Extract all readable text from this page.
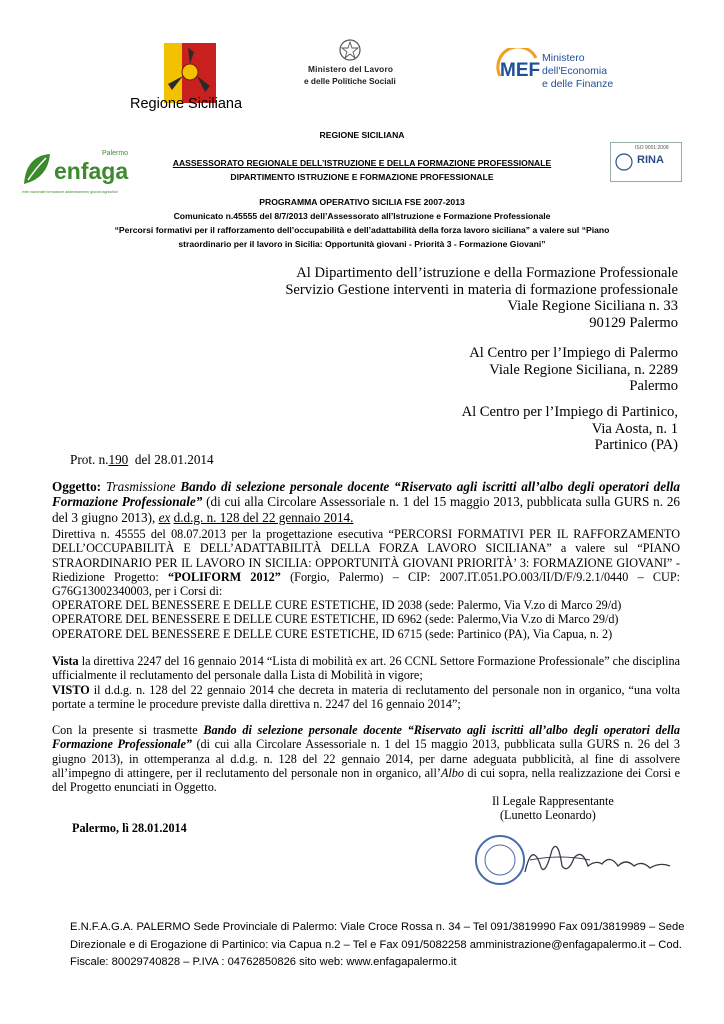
Regione Siciliana
Ministero del Lavoro
e delle Politiche Sociali	MEF
Ministero
dell'Economia
e delle Finanze
enfaga
Palermo
ente nazionale formazione addestramento giovani agricoltori
ISO 9001:2008
RINA
REGIONE SICILIANA
AASSESSORATO REGIONALE DELL’ISTRUZIONE E DELLA FORMAZIONE PROFESSIONALE
DIPARTIMENTO ISTRUZIONE E FORMAZIONE PROFESSIONALE
PROGRAMMA OPERATIVO SICILIA FSE 2007-2013
Comunicato n.45555 del 8/7/2013 dell’Assessorato all’Istruzione e Formazione Professionale
“Percorsi formativi per il rafforzamento dell’occupabilità e dell’adattabilità della forza lavoro siciliana” a valere sul “Piano
straordinario per il lavoro in Sicilia: Opportunità giovani - Priorità 3 - Formazione Giovani”
Al Dipartimento dell’istruzione e della Formazione Professionale
Servizio Gestione interventi in materia di formazione professionale
Viale Regione Siciliana n. 33
90129 Palermo
Al Centro per l’Impiego di Palermo
Viale Regione Siciliana, n. 2289
Palermo
Al Centro per l’Impiego di Partinico,
Via Aosta, n. 1
Partinico (PA)
Prot. n.190 del 28.01.2014
Oggetto: Trasmissione Bando di selezione personale docente “Riservato agli iscritti all’albo degli operatori della Formazione Professionale” (di cui alla Circolare Assessoriale n. 1 del 15 maggio 2013, pubblicata sulla GURS n. 26 del 3 giugno 2013), ex d.d.g. n. 128 del 22 gennaio 2014.
Direttiva n. 45555 del 08.07.2013 per la progettazione esecutiva “PERCORSI FORMATIVI PER IL RAFFORZAMENTO DELL’OCCUPABILITÀ E DELL’ADATTABILITÀ DELLA FORZA LAVORO SICILIANA” a valere sul “PIANO STRAORDINARIO PER IL LAVORO IN SICILIA: OPPORTUNITÀ GIOVANI PRIORITÀ’ 3: FORMAZIONE GIOVANI” - Riedizione Progetto: “POLIFORM 2012” (Forgio, Palermo) – CIP: 2007.IT.051.PO.003/II/D/F/9.2.1/0440 – CUP: G76G13002340003, per i Corsi di:
OPERATORE DEL BENESSERE E DELLE CURE ESTETICHE, ID 2038 (sede: Palermo, Via V.zo di Marco 29/d)
OPERATORE DEL BENESSERE E DELLE CURE ESTETICHE, ID 6962 (sede: Palermo,Via V.zo di Marco 29/d)
OPERATORE DEL BENESSERE E DELLE CURE ESTETICHE, ID 6715 (sede: Partinico (PA), Via Capua, n. 2)
Vista la direttiva 2247 del 16 gennaio 2014 “Lista di mobilità ex art. 26 CCNL Settore Formazione Professionale” che disciplina ufficialmente il reclutamento del personale dalla Lista di Mobilità in vigore;
VISTO il d.d.g. n. 128 del 22 gennaio 2014 che decreta in materia di reclutamento del personale non in organico, “una volta portate a termine le procedure previste dalla direttiva n. 2247 del 16 gennaio 2014”;
Con la presente si trasmette Bando di selezione personale docente “Riservato agli iscritti all’albo degli operatori della Formazione Professionale” (di cui alla Circolare Assessoriale n. 1 del 15 maggio 2013, pubblicata sulla GURS n. 26 del 3 giugno 2013), in ottemperanza al d.d.g. n. 128 del 22 gennaio 2014, per darne adeguata pubblicità, al fine di assolvere all’impegno di attingere, per il reclutamento del personale non in organico, all’Albo di cui sopra, nella realizzazione dei Corsi e del Progetto enunciati in Oggetto.
Il Legale Rappresentante
(Lunetto Leonardo)
Palermo, lì 28.01.2014
E.N.F.A.G.A. PALERMO Sede Provinciale di Palermo: Viale Croce Rossa n. 34 – Tel 091/3819990 Fax 091/3819989 – Sede
Direzionale e di Erogazione di Partinico: via Capua n.2 – Tel e Fax 091/5082258 amministrazione@enfagapalermo.it – Cod.
Fiscale: 80029740828 – P.IVA : 04762850826 sito web: www.enfagapalermo.it
